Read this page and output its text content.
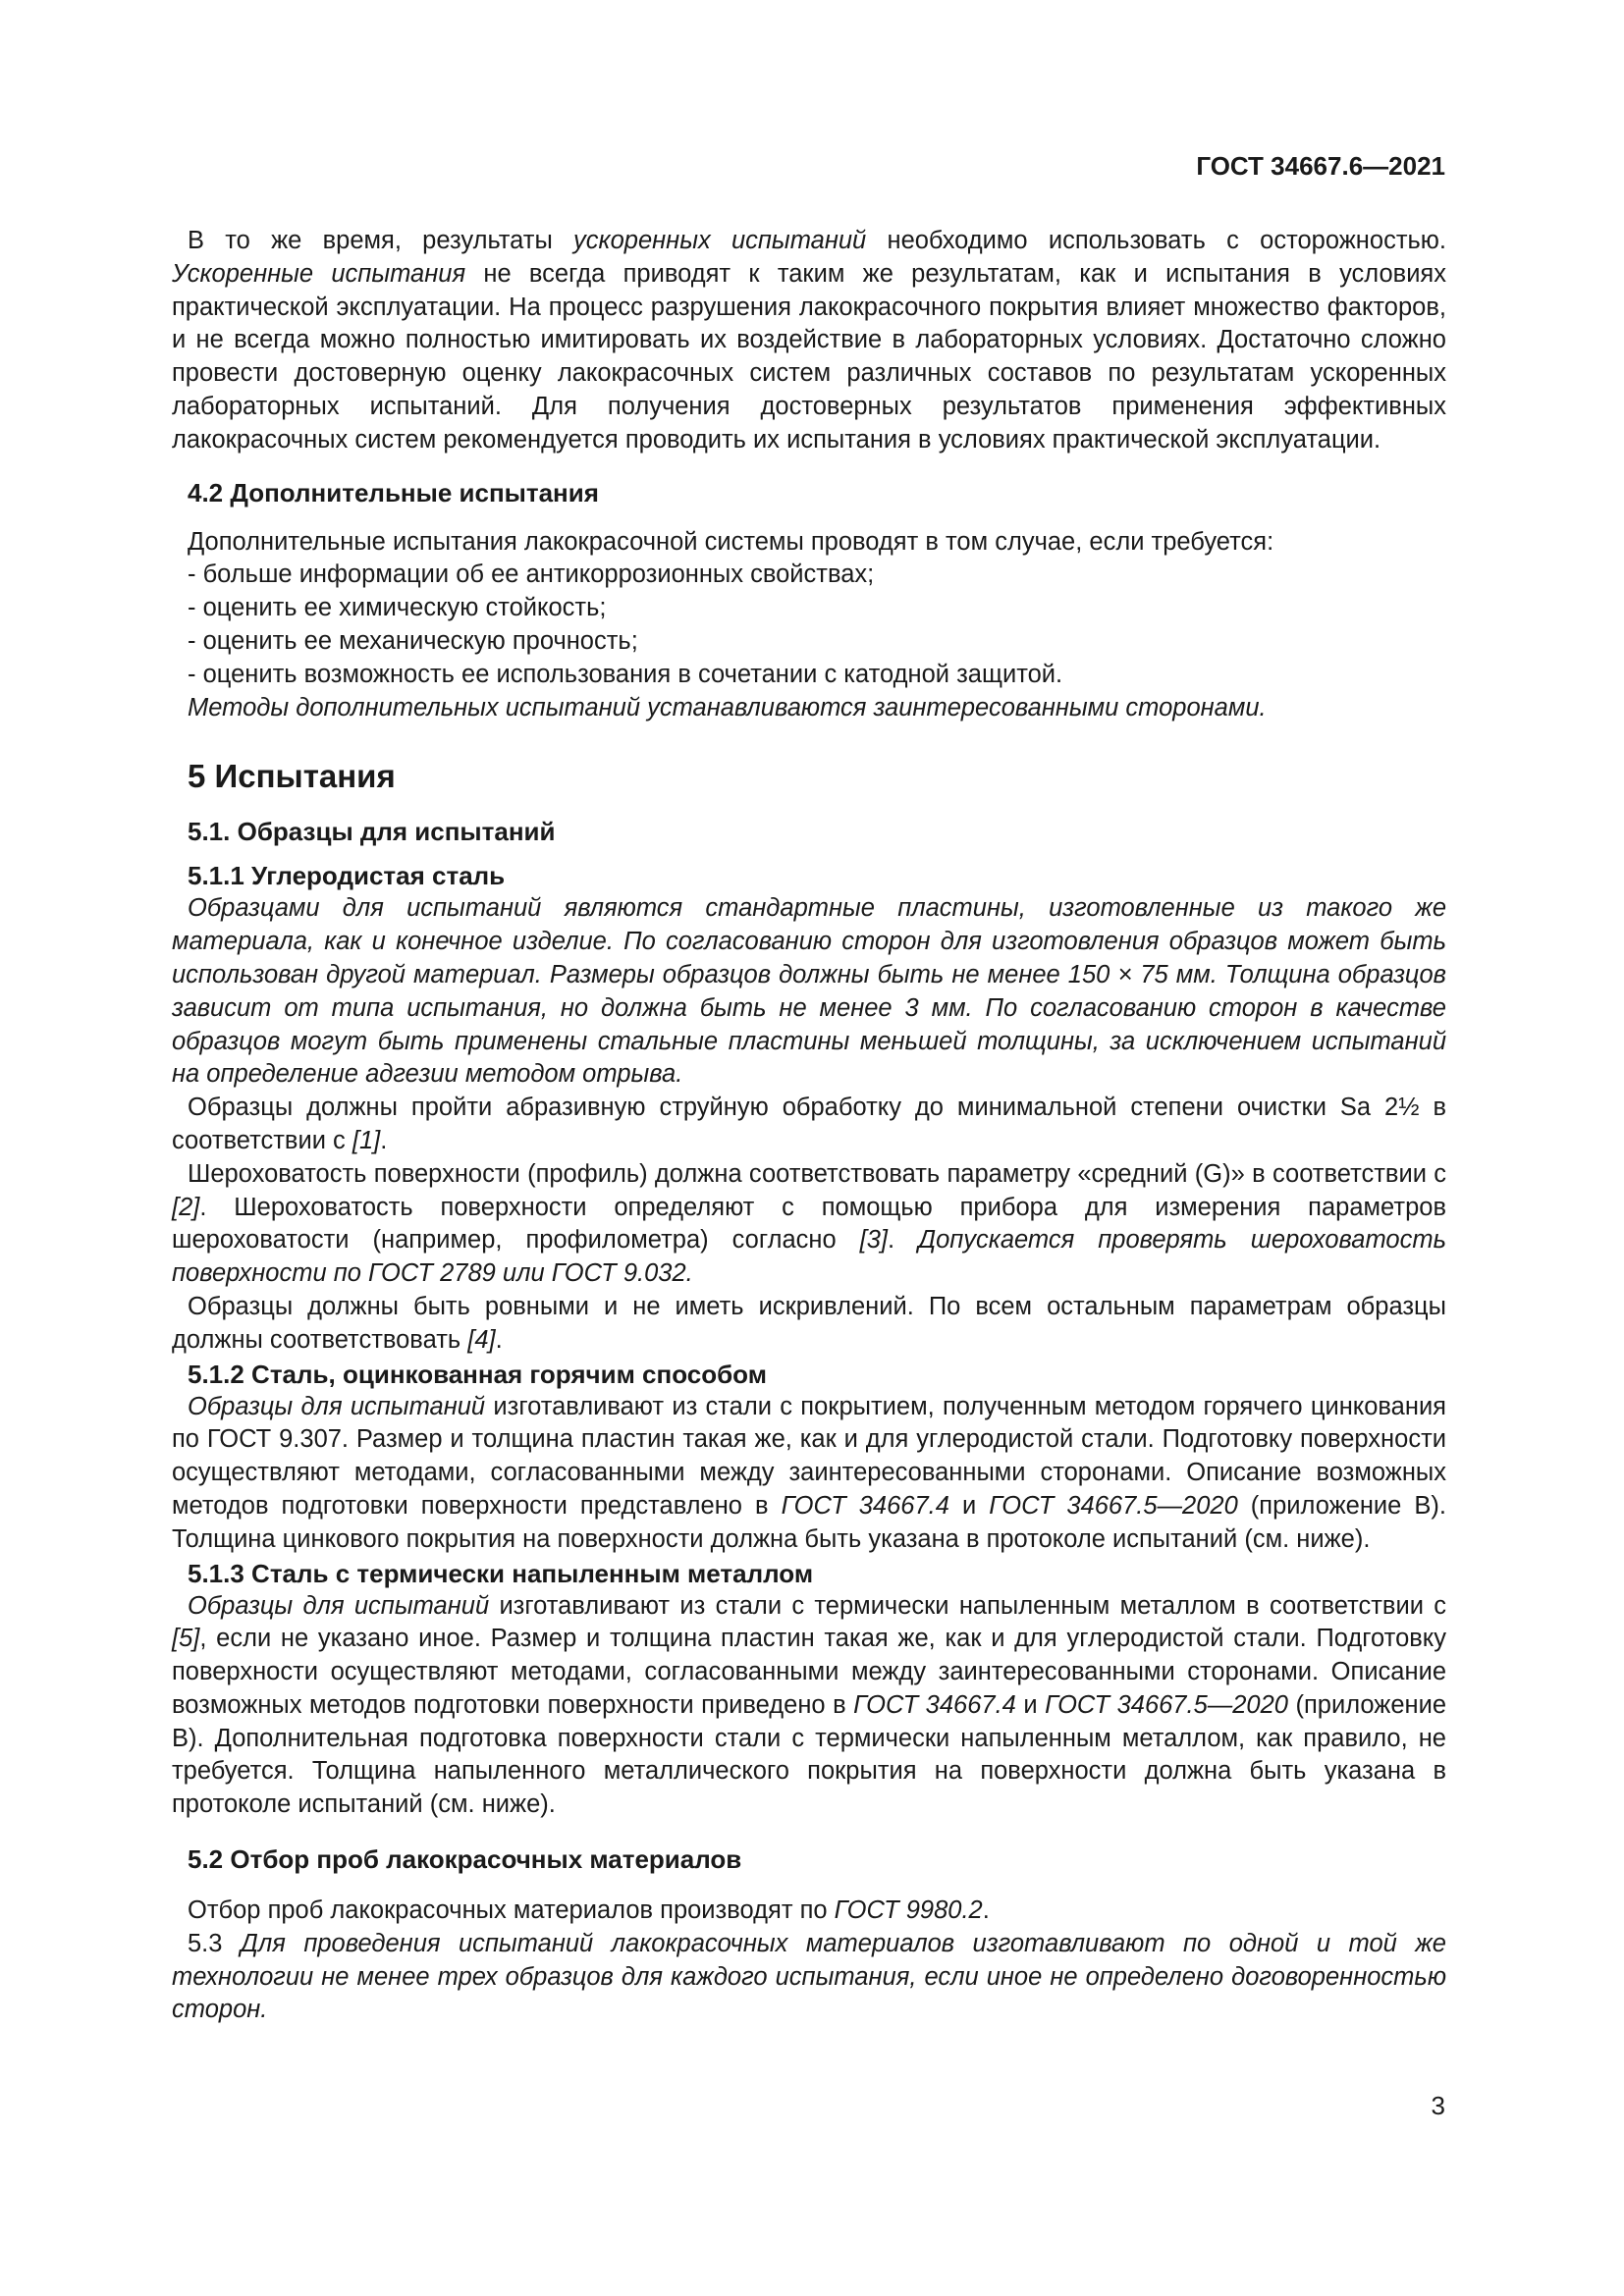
ГОСТ 34667.6—2021

В то же время, результаты ускоренных испытаний необходимо использовать с осторожностью. Ускоренные испытания не всегда приводят к таким же результатам, как и испытания в условиях практической эксплуатации. На процесс разрушения лакокрасочного покрытия влияет множество факторов, и не всегда можно полностью имитировать их воздействие в лабораторных условиях. Достаточно сложно провести достоверную оценку лакокрасочных систем различных составов по результатам ускоренных лабораторных испытаний. Для получения достоверных результатов применения эффективных лакокрасочных систем рекомендуется проводить их испытания в условиях практической эксплуатации.

4.2 Дополнительные испытания

Дополнительные испытания лакокрасочной системы проводят в том случае, если требуется:

- больше информации об ее антикоррозионных свойствах;

- оценить ее химическую стойкость;

- оценить ее механическую прочность;

- оценить возможность ее использования в сочетании с катодной защитой.

Методы дополнительных испытаний устанавливаются заинтересованными сторонами.

5 Испытания
5.1. Образцы для испытаний
5.1.1 Углеродистая сталь

Образцами для испытаний являются стандартные пластины, изготовленные из такого же материала, как и конечное изделие. По согласованию сторон для изготовления образцов может быть использован другой материал. Размеры образцов должны быть не менее 150 × 75 мм. Толщина образцов зависит от типа испытания, но должна быть не менее 3 мм. По согласованию сторон в качестве образцов могут быть применены стальные пластины меньшей толщины, за исключением испытаний на определение адгезии методом отрыва.

Образцы должны пройти абразивную струйную обработку до минимальной степени очистки Sa 2½ в соответствии с [1].

Шероховатость поверхности (профиль) должна соответствовать параметру «средний (G)» в соответствии с [2]. Шероховатость поверхности определяют с помощью прибора для измерения параметров шероховатости (например, профилометра) согласно [3]. Допускается проверять шероховатость поверхности по ГОСТ 2789 или ГОСТ 9.032.

Образцы должны быть ровными и не иметь искривлений. По всем остальным параметрам образцы должны соответствовать [4].

5.1.2 Сталь, оцинкованная горячим способом

Образцы для испытаний изготавливают из стали с покрытием, полученным методом горячего цинкования по ГОСТ 9.307. Размер и толщина пластин такая же, как и для углеродистой стали. Подготовку поверхности осуществляют методами, согласованными между заинтересованными сторонами. Описание возможных методов подготовки поверхности представлено в ГОСТ 34667.4 и ГОСТ 34667.5—2020 (приложение В). Толщина цинкового покрытия на поверхности должна быть указана в протоколе испытаний (см. ниже).

5.1.3 Сталь с термически напыленным металлом

Образцы для испытаний изготавливают из стали с термически напыленным металлом в соответствии с [5], если не указано иное. Размер и толщина пластин такая же, как и для углеродистой стали. Подготовку поверхности осуществляют методами, согласованными между заинтересованными сторонами. Описание возможных методов подготовки поверхности приведено в ГОСТ 34667.4 и ГОСТ 34667.5—2020 (приложение В). Дополнительная подготовка поверхности стали с термически напыленным металлом, как правило, не требуется. Толщина напыленного металлического покрытия на поверхности должна быть указана в протоколе испытаний (см. ниже).

5.2 Отбор проб лакокрасочных материалов

Отбор проб лакокрасочных материалов производят по ГОСТ 9980.2.

5.3 Для проведения испытаний лакокрасочных материалов изготавливают по одной и той же технологии не менее трех образцов для каждого испытания, если иное не определено договоренностью сторон.

3
